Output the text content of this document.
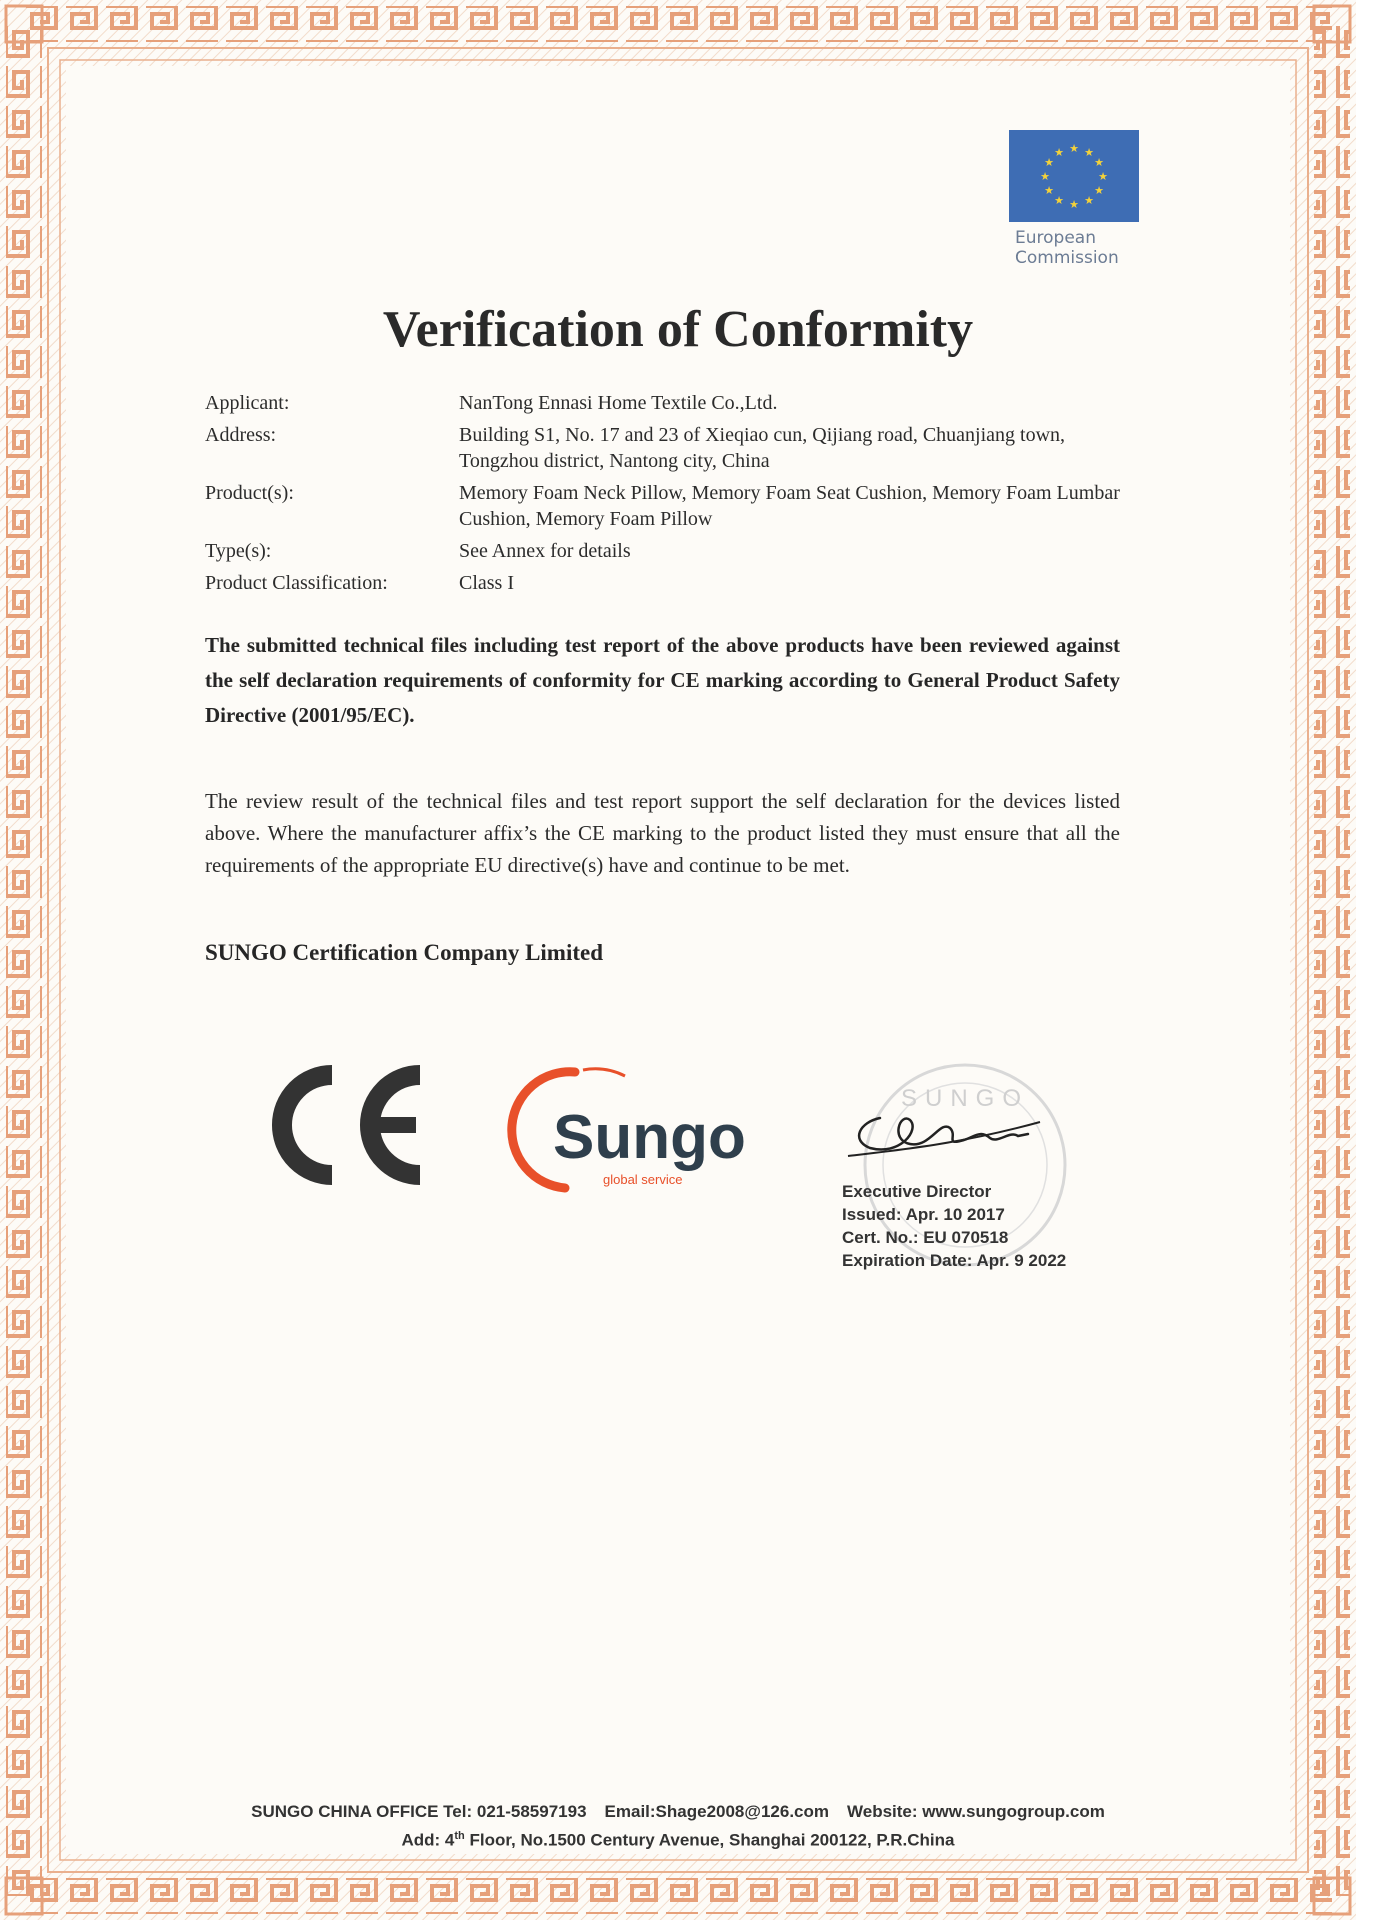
★ ★
★
★
★
★
★
★
★
★
★
★
European
Commission
Verification of Conformity
Applicant:	NanTong Ennasi Home Textile Co.,Ltd.
Address:	Building S1, No. 17 and 23 of Xieqiao cun, Qijiang road, Chuanjiang town, Tongzhou district, Nantong city, China
Product(s):	Memory Foam Neck Pillow, Memory Foam Seat Cushion, Memory Foam Lumbar Cushion, Memory Foam Pillow
Type(s):	See Annex for details
Product Classification:	Class I
The submitted technical files including test report of the above products have been reviewed against the self declaration requirements of conformity for CE marking according to General Product Safety Directive (2001/95/EC).
The review result of the technical files and test report support the self declaration for the devices listed above. Where the manufacturer affix’s the CE marking to the product listed they must ensure that all the requirements of the appropriate EU directive(s) have and continue to be met.
SUNGO Certification Company Limited
Sungo
global service
SUNGO
Executive Director
Issued: Apr. 10 2017
Cert. No.: EU 070518
Expiration Date: Apr. 9 2022
SUNGO CHINA OFFICE Tel: 021-58597193 Email:Shage2008@126.com Website: www.sungogroup.com
Add: 4th Floor, No.1500 Century Avenue, Shanghai 200122, P.R.China
